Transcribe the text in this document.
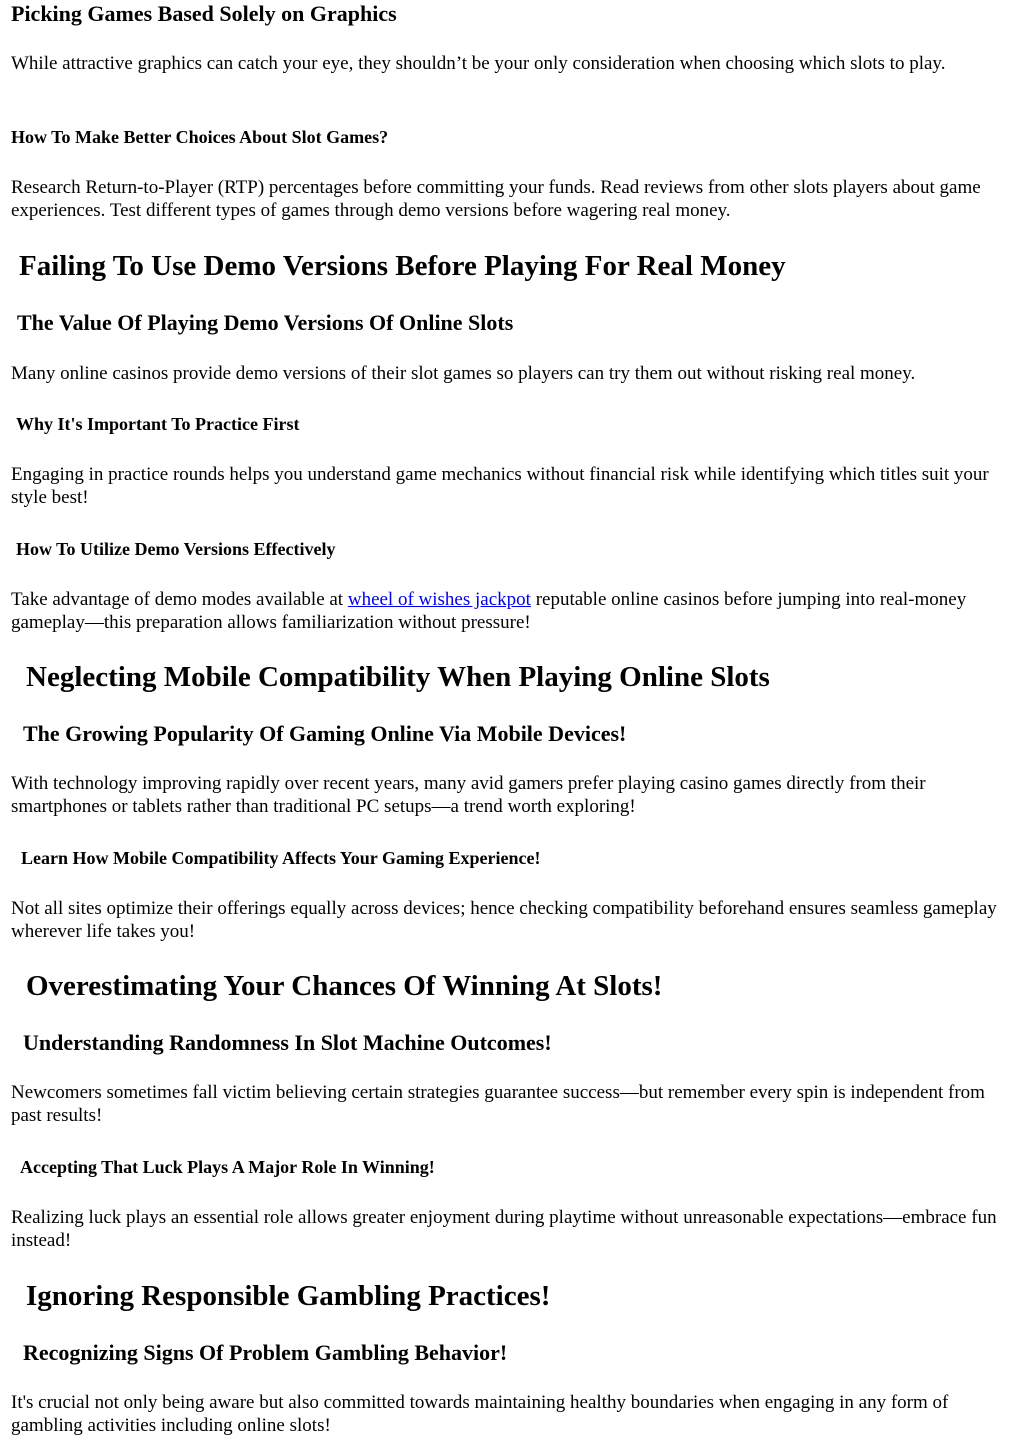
Picking Games Based Solely on Graphics

While attractive graphics can catch your eye, they shouldn’t be your only consideration when choosing which slots to play.

How To Make Better Choices About Slot Games?

Research Return-to-Player (RTP) percentages before committing your funds. Read reviews from other slots players about game experiences. Test different types of games through demo versions before wagering real money.

Failing To Use Demo Versions Before Playing For Real Money
The Value Of Playing Demo Versions Of Online Slots

Many online casinos provide demo versions of their slot games so players can try them out without risking real money.

Why It's Important To Practice First

Engaging in practice rounds helps you understand game mechanics without financial risk while identifying which titles suit your style best!

How To Utilize Demo Versions Effectively

Take advantage of demo modes available at wheel of wishes jackpot reputable online casinos before jumping into real-money gameplay—this preparation allows familiarization without pressure!

Neglecting Mobile Compatibility When Playing Online Slots
The Growing Popularity Of Gaming Online Via Mobile Devices!

With technology improving rapidly over recent years, many avid gamers prefer playing casino games directly from their smartphones or tablets rather than traditional PC setups—a trend worth exploring!

Learn How Mobile Compatibility Affects Your Gaming Experience!

Not all sites optimize their offerings equally across devices; hence checking compatibility beforehand ensures seamless gameplay wherever life takes you!

Overestimating Your Chances Of Winning At Slots!
Understanding Randomness In Slot Machine Outcomes!

Newcomers sometimes fall victim believing certain strategies guarantee success—but remember every spin is independent from past results!

Accepting That Luck Plays A Major Role In Winning!

Realizing luck plays an essential role allows greater enjoyment during playtime without unreasonable expectations—embrace fun instead!

Ignoring Responsible Gambling Practices!
Recognizing Signs Of Problem Gambling Behavior!

It's crucial not only being aware but also committed towards maintaining healthy boundaries when engaging in any form of gambling activities including online slots!
